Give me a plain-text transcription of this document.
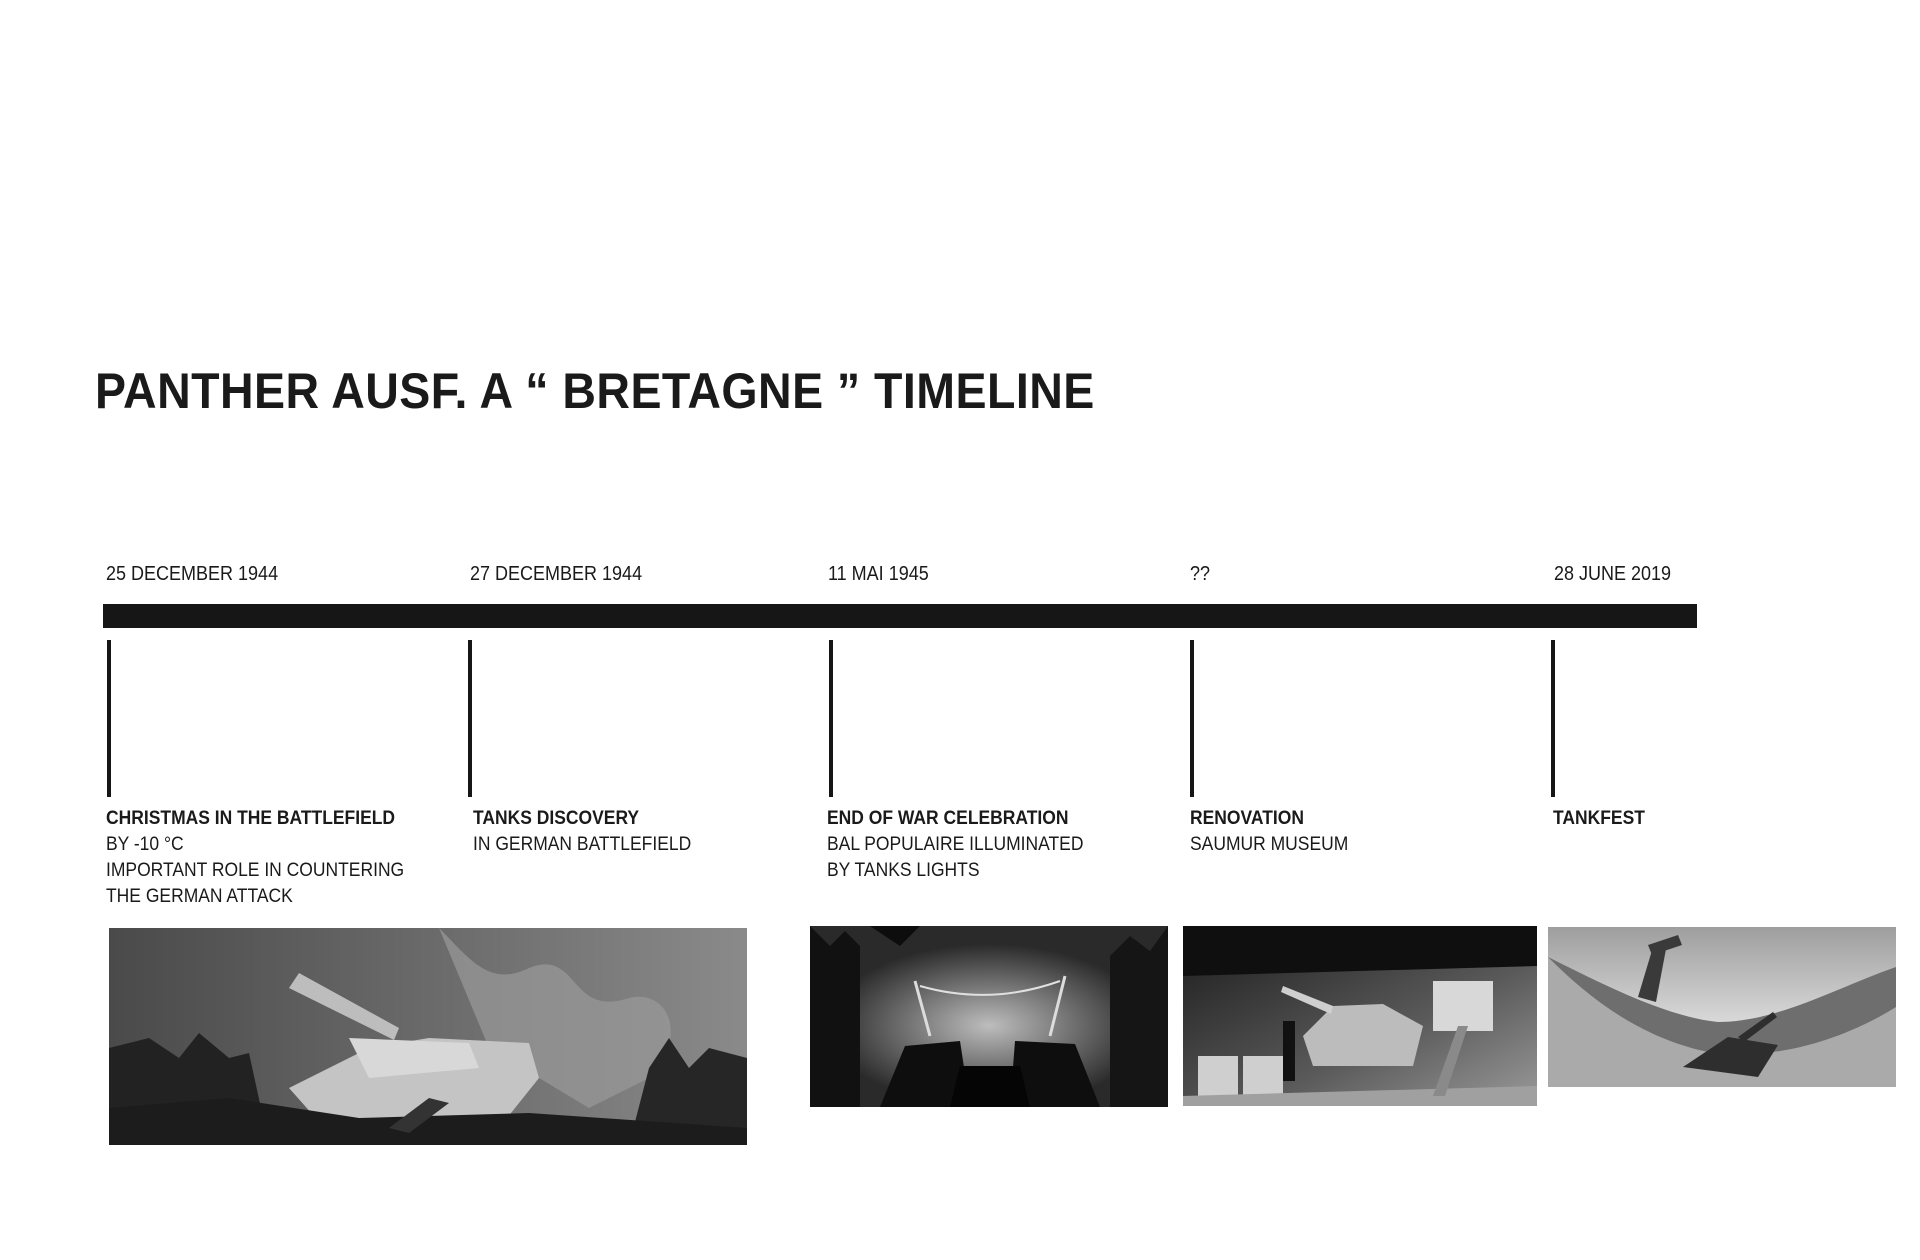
PANTHER AUSF. A “ BRETAGNE ” TIMELINE
25 DECEMBER 1944	27 DECEMBER 1944	11 MAI 1945	??	28 JUNE 2019
CHRISTMAS IN THE BATTLEFIELD
BY -10 °C
IMPORTANT ROLE IN COUNTERING
THE GERMAN ATTACK
TANKS DISCOVERY
IN GERMAN BATTLEFIELD
END OF WAR CELEBRATION
BAL POPULAIRE ILLUMINATED
BY TANKS LIGHTS
RENOVATION
SAUMUR MUSEUM
TANKFEST
